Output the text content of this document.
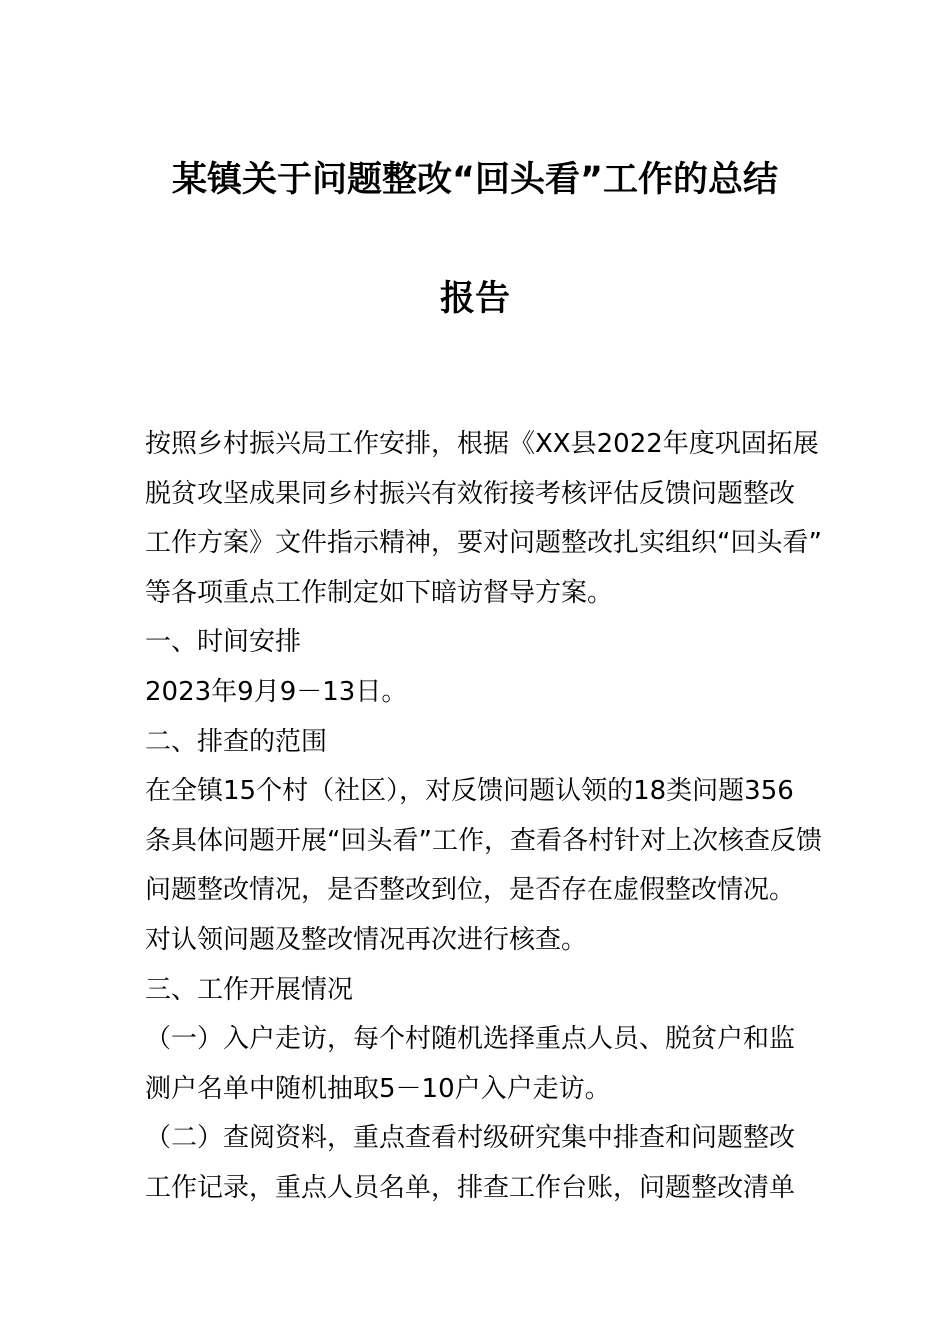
某镇关于问题整改“回头看”工作的总结
报告
按照乡村振兴局工作安排，根据《XX县2022年度巩固拓展
脱贫攻坚成果同乡村振兴有效衔接考核评估反馈问题整改
工作方案》文件指示精神，要对问题整改扎实组织“回头看”
等各项重点工作制定如下暗访督导方案。
一、时间安排
2023年9月9－13日。
二、排查的范围
在全镇15个村（社区），对反馈问题认领的18类问题356
条具体问题开展“回头看”工作，查看各村针对上次核查反馈
问题整改情况，是否整改到位，是否存在虚假整改情况。
对认领问题及整改情况再次进行核查。
三、工作开展情况
（一）入户走访，每个村随机选择重点人员、脱贫户和监
测户名单中随机抽取5－10户入户走访。
（二）查阅资料，重点查看村级研究集中排查和问题整改
工作记录，重点人员名单，排查工作台账，问题整改清单
